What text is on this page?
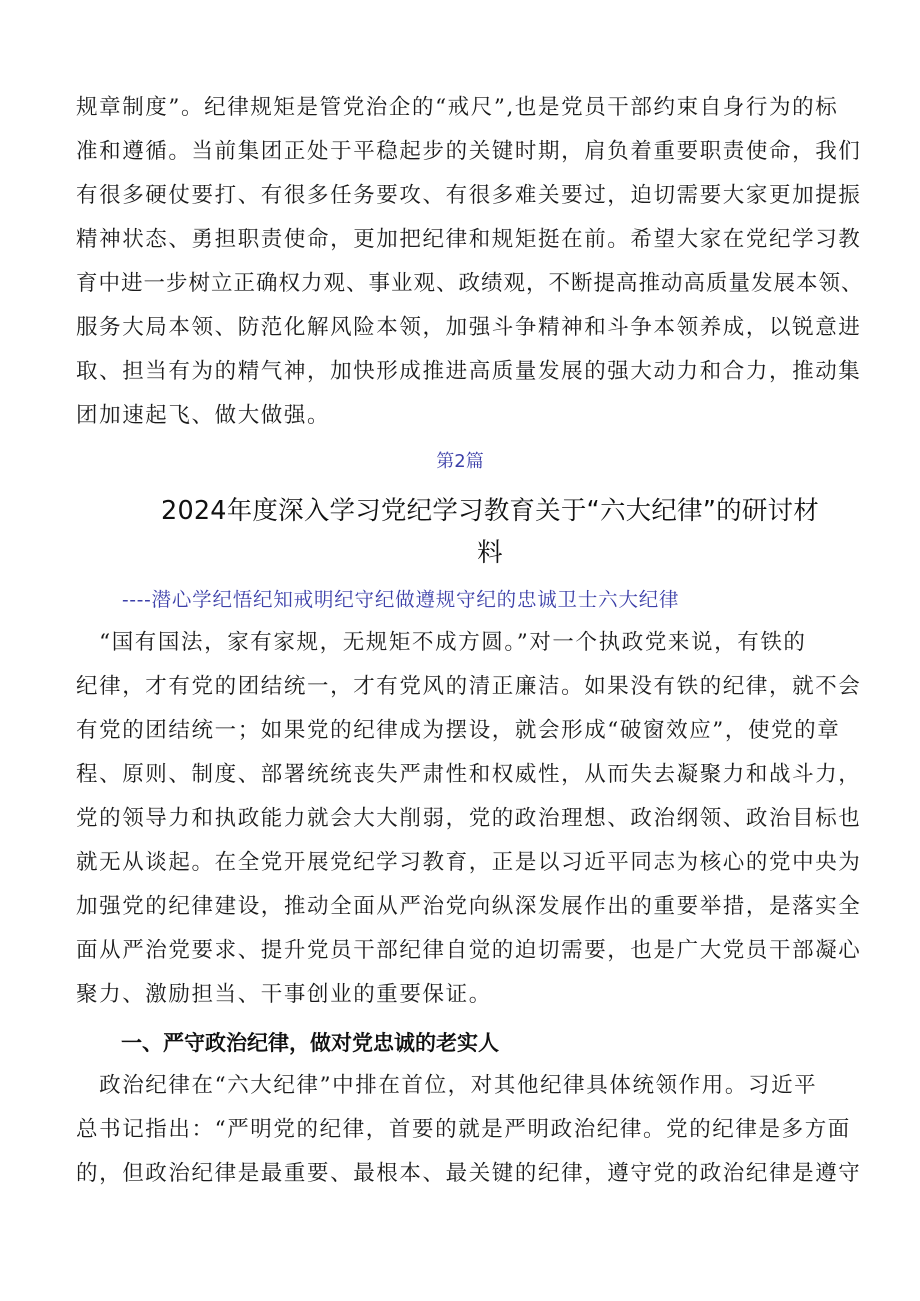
规章制度”。纪律规矩是管党治企的“戒尺”,也是党员干部约束自身行为的标
准和遵循。当前集团正处于平稳起步的关键时期，肩负着重要职责使命，我们
有很多硬仗要打、有很多任务要攻、有很多难关要过，迫切需要大家更加提振
精神状态、勇担职责使命，更加把纪律和规矩挺在前。希望大家在党纪学习教
育中进一步树立正确权力观、事业观、政绩观，不断提高推动高质量发展本领、
服务大局本领、防范化解风险本领，加强斗争精神和斗争本领养成，以锐意进
取、担当有为的精气神，加快形成推进高质量发展的强大动力和合力，推动集
团加速起飞、做大做强。
第2篇
2024年度深入学习党纪学习教育关于“六大纪律”的研讨材
料
----潜心学纪悟纪知戒明纪守纪做遵规守纪的忠诚卫士六大纪律
　“国有国法，家有家规，无规矩不成方圆。”对一个执政党来说，有铁的
纪律，才有党的团结统一，才有党风的清正廉洁。如果没有铁的纪律，就不会
有党的团结统一；如果党的纪律成为摆设，就会形成“破窗效应”，使党的章
程、原则、制度、部署统统丧失严肃性和权威性，从而失去凝聚力和战斗力，
党的领导力和执政能力就会大大削弱，党的政治理想、政治纲领、政治目标也
就无从谈起。在全党开展党纪学习教育，正是以习近平同志为核心的党中央为
加强党的纪律建设，推动全面从严治党向纵深发展作出的重要举措，是落实全
面从严治党要求、提升党员干部纪律自觉的迫切需要，也是广大党员干部凝心
聚力、激励担当、干事创业的重要保证。
一、严守政治纪律，做对党忠诚的老实人
　政治纪律在“六大纪律”中排在首位，对其他纪律具体统领作用。习近平
总书记指出：“严明党的纪律，首要的就是严明政治纪律。党的纪律是多方面
的，但政治纪律是最重要、最根本、最关键的纪律，遵守党的政治纪律是遵守
